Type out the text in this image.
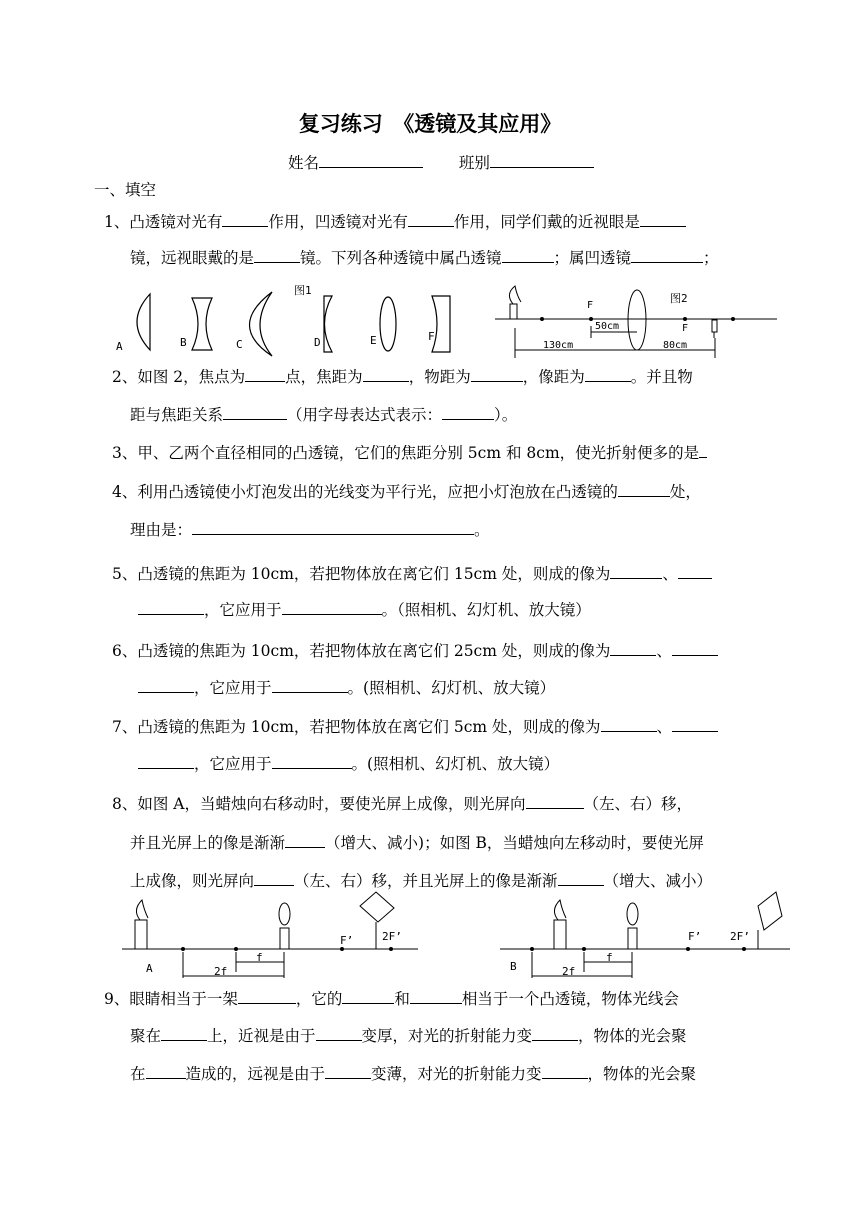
复习练习　《透镜及其应用》
姓名	班别
一、填空
1、凸透镜对光有	作用，凹透镜对光有	作用，同学们戴的近视眼是
镜，远视眼戴的是	镜。下列各种透镜中属凸透镜	；属凹透镜	；
A	B	C
图1
D	E	F
F
图2
F
50cm
130cm	80cm
2、如图 2，焦点为	点，焦距为	，物距为	，像距为	。并且物
距与焦距关系	（用字母表达式表示：	）。
3、甲、乙两个直径相同的凸透镜，它们的焦距分别 5cm 和 8cm，使光折射便多的是
4、利用凸透镜使小灯泡发出的光线变为平行光，应把小灯泡放在凸透镜的	处，
理由是：	。
5、凸透镜的焦距为 10cm，若把物体放在离它们 15cm 处，则成的像为	、
，它应用于	。（照相机、幻灯机、放大镜）
6、凸透镜的焦距为 10cm，若把物体放在离它们 25cm 处，则成的像为	、
，它应用于	。(照相机、幻灯机、放大镜）
7、凸透镜的焦距为 10cm，若把物体放在离它们 5cm 处，则成的像为	、
，它应用于	。(照相机、幻灯机、放大镜）
8、如图 A，当蜡烛向右移动时，要使光屏上成像，则光屏向	（左、右）移，
并且光屏上的像是渐渐	（增大、减小)；如图 B，当蜡烛向左移动时，要使光屏
上成像，则光屏向	（左、右）移，并且光屏上的像是渐渐	（增大、减小）
A
f
2f
F’	2F’
B
f
2f
F’	2F’
9、眼睛相当于一架	，它的	和	相当于一个凸透镜，物体光线会
聚在	上，近视是由于	变厚，对光的折射能力变	，物体的光会聚
在	造成的，远视是由于	变薄，对光的折射能力变	，物体的光会聚
